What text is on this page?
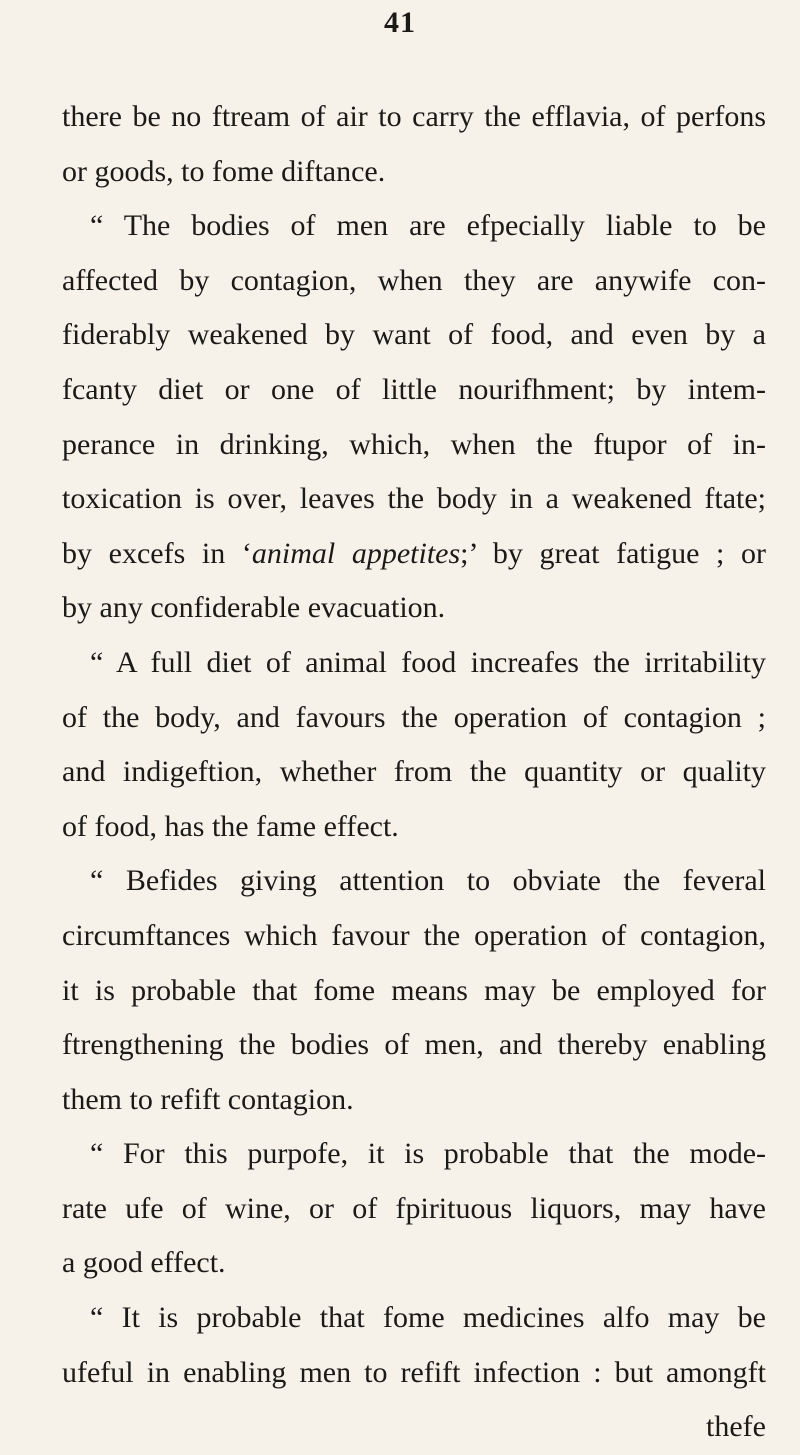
41
there be no ftream of air to carry the efflavia, of perfons
or goods, to fome diftance.
“ The bodies of men are efpecially liable to be
affected by contagion, when they are anywife con-
fiderably weakened by want of food, and even by a
fcanty diet or one of little nourifhment; by intem-
perance in drinking, which, when the ftupor of in-
toxication is over, leaves the body in a weakened ftate;
by excefs in ‘animal appetites;’ by great fatigue ; or
by any confiderable evacuation.
“ A full diet of animal food increafes the irritability
of the body, and favours the operation of contagion ;
and indigeftion, whether from the quantity or quality
of food, has the fame effect.
“ Befides giving attention to obviate the feveral
circumftances which favour the operation of contagion,
it is probable that fome means may be employed for
ftrengthening the bodies of men, and thereby enabling
them to refift contagion.
“ For this purpofe, it is probable that the mode-
rate ufe of wine, or of fpirituous liquors, may have
a good effect.
“ It is probable that fome medicines alfo may be
ufeful in enabling men to refift infection : but amongft
thefe
